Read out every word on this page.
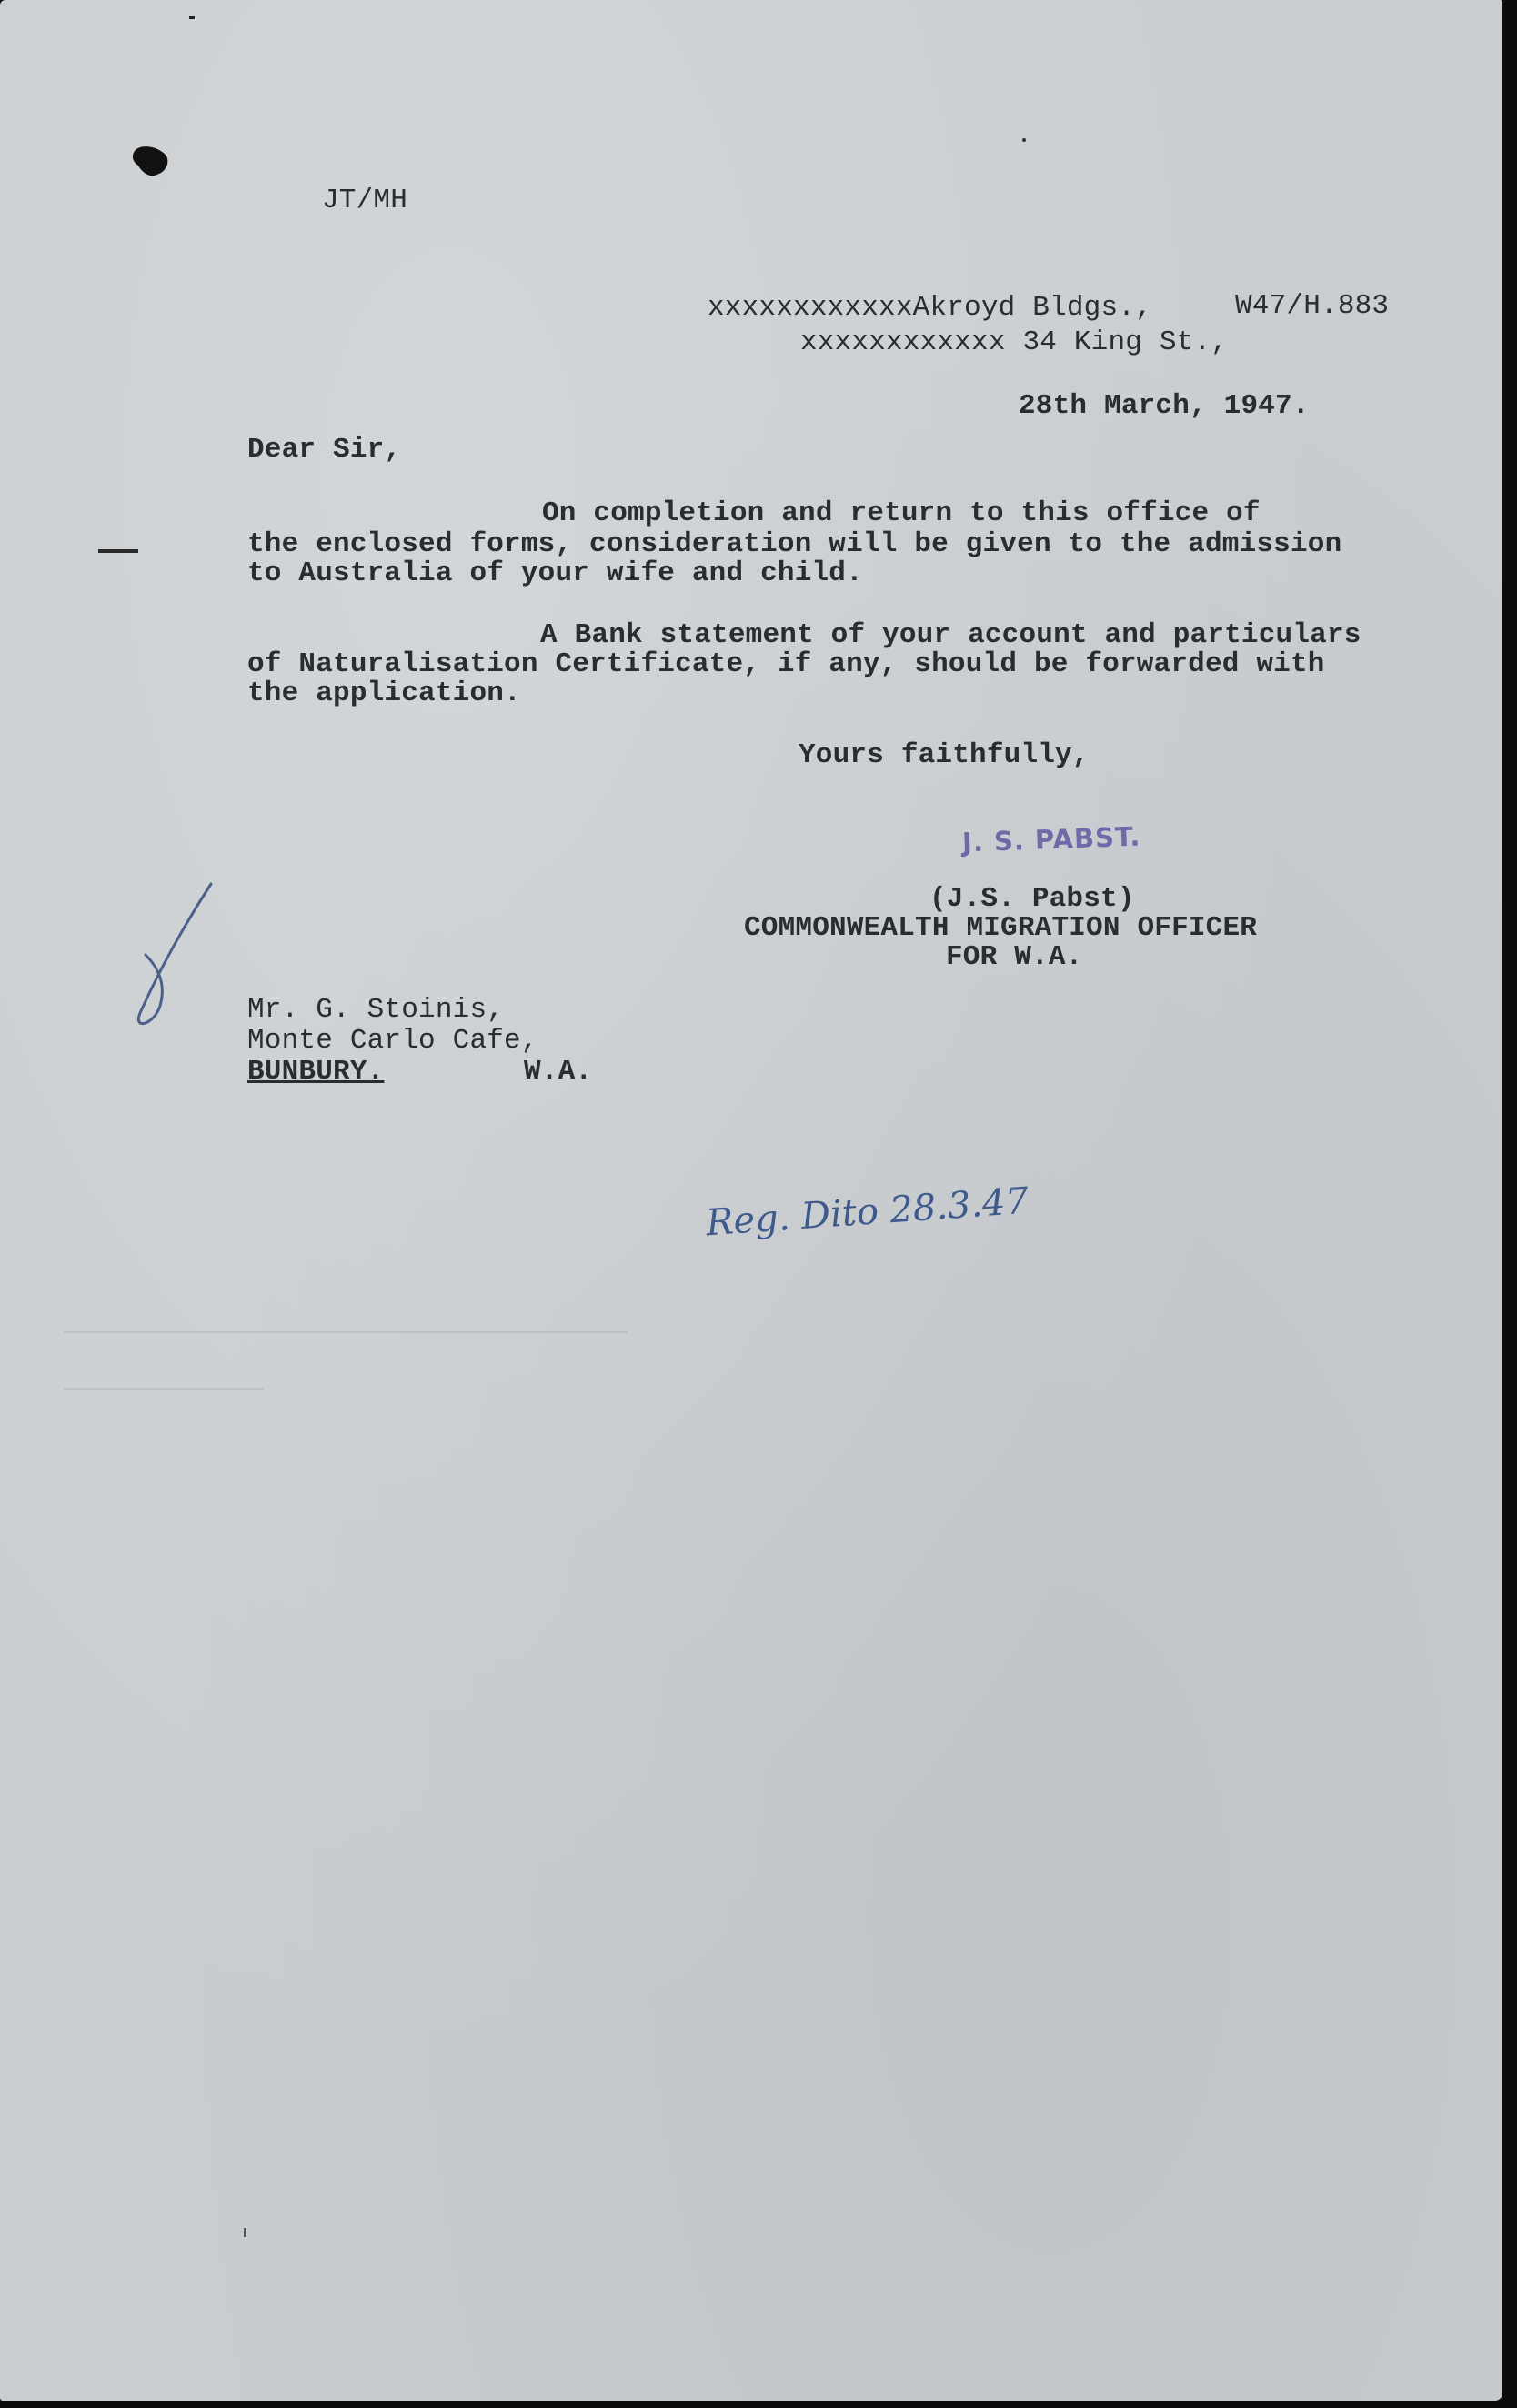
JT/MH
xxxxxxxxxxxxAkroyd Bldgs.,	W47/H.883
xxxxxxxxxxxx 34 King St.,
28th March, 1947.
Dear Sir,
On completion and return to this office of
the enclosed forms, consideration will be given to the admission
to Australia of your wife and child.
A Bank statement of your account and particulars
of Naturalisation Certificate, if any, should be forwarded with
the application.
Yours faithfully,
J. S. PABST.
(J.S. Pabst)
COMMONWEALTH MIGRATION OFFICER
FOR W.A.
Mr. G. Stoinis,
Monte Carlo Cafe,
BUNBURY.	W.A.
Reg. Dito 28.3.47
